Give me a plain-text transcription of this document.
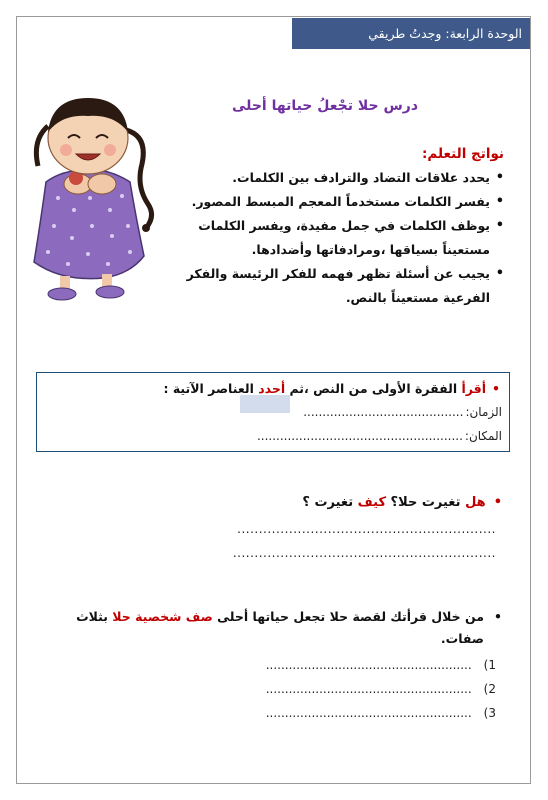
الوحدة الرابعة: وجدتُ طريقي
درس حلا تجْعلُ حياتها أحلى
نواتج التعلم:
• يحدد علاقات التضاد والترادف بين الكلمات.
• يفسر الكلمات مستخدماً المعجم المبسط المصور.
• يوظف الكلمات في جمل مفيدة، ويفسر الكلمات مستعيناً بسياقها ،ومرادفاتها وأضدادها.
• يجيب عن أسئلة تظهر فهمه للفكر الرئيسة والفكر الفرعية مستعيناً بالنص.
•أقرأ الفقرة الأولى من النص ،ثم أحدد العناصر الآتية :
الزمان:..........................................
المكان:......................................................
•هل تغيرت حلا؟ كيف تغيرت ؟
............................................................
.............................................................
•
من خلال قرأتك لقصة حلا تجعل حياتها أحلى صف شخصية حلا بثلاث صفات.
1)......................................................
2)......................................................
3)......................................................
